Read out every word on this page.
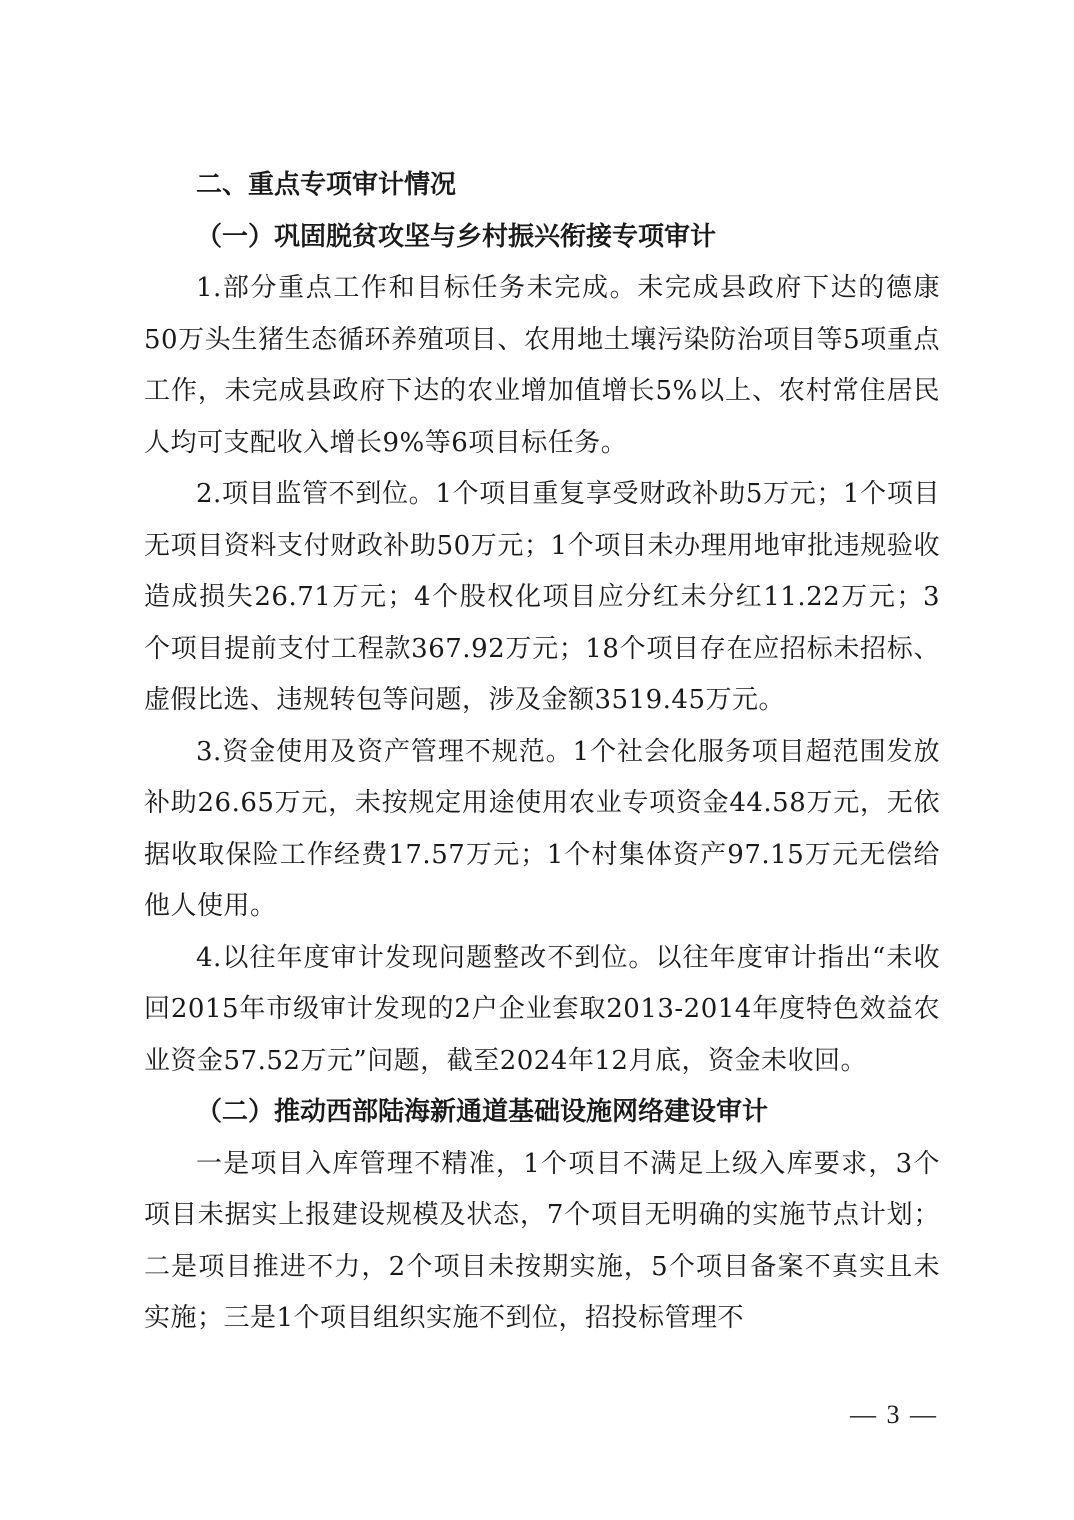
二、重点专项审计情况

（一）巩固脱贫攻坚与乡村振兴衔接专项审计

1.部分重点工作和目标任务未完成。未完成县政府下达的德康50万头生猪生态循环养殖项目、农用地土壤污染防治项目等5项重点工作，未完成县政府下达的农业增加值增长5%以上、农村常住居民人均可支配收入增长9%等6项目标任务。

2.项目监管不到位。1个项目重复享受财政补助5万元；1个项目无项目资料支付财政补助50万元；1个项目未办理用地审批违规验收造成损失26.71万元；4个股权化项目应分红未分红11.22万元；3个项目提前支付工程款367.92万元；18个项目存在应招标未招标、虚假比选、违规转包等问题，涉及金额3519.45万元。

3.资金使用及资产管理不规范。1个社会化服务项目超范围发放补助26.65万元，未按规定用途使用农业专项资金44.58万元，无依据收取保险工作经费17.57万元；1个村集体资产97.15万元无偿给他人使用。

4.以往年度审计发现问题整改不到位。以往年度审计指出“未收回2015年市级审计发现的2户企业套取2013-2014年度特色效益农业资金57.52万元”问题，截至2024年12月底，资金未收回。

（二）推动西部陆海新通道基础设施网络建设审计

一是项目入库管理不精准，1个项目不满足上级入库要求，3个项目未据实上报建设规模及状态，7个项目无明确的实施节点计划；二是项目推进不力，2个项目未按期实施，5个项目备案不真实且未实施；三是1个项目组织实施不到位，招投标管理不

— 3 —
